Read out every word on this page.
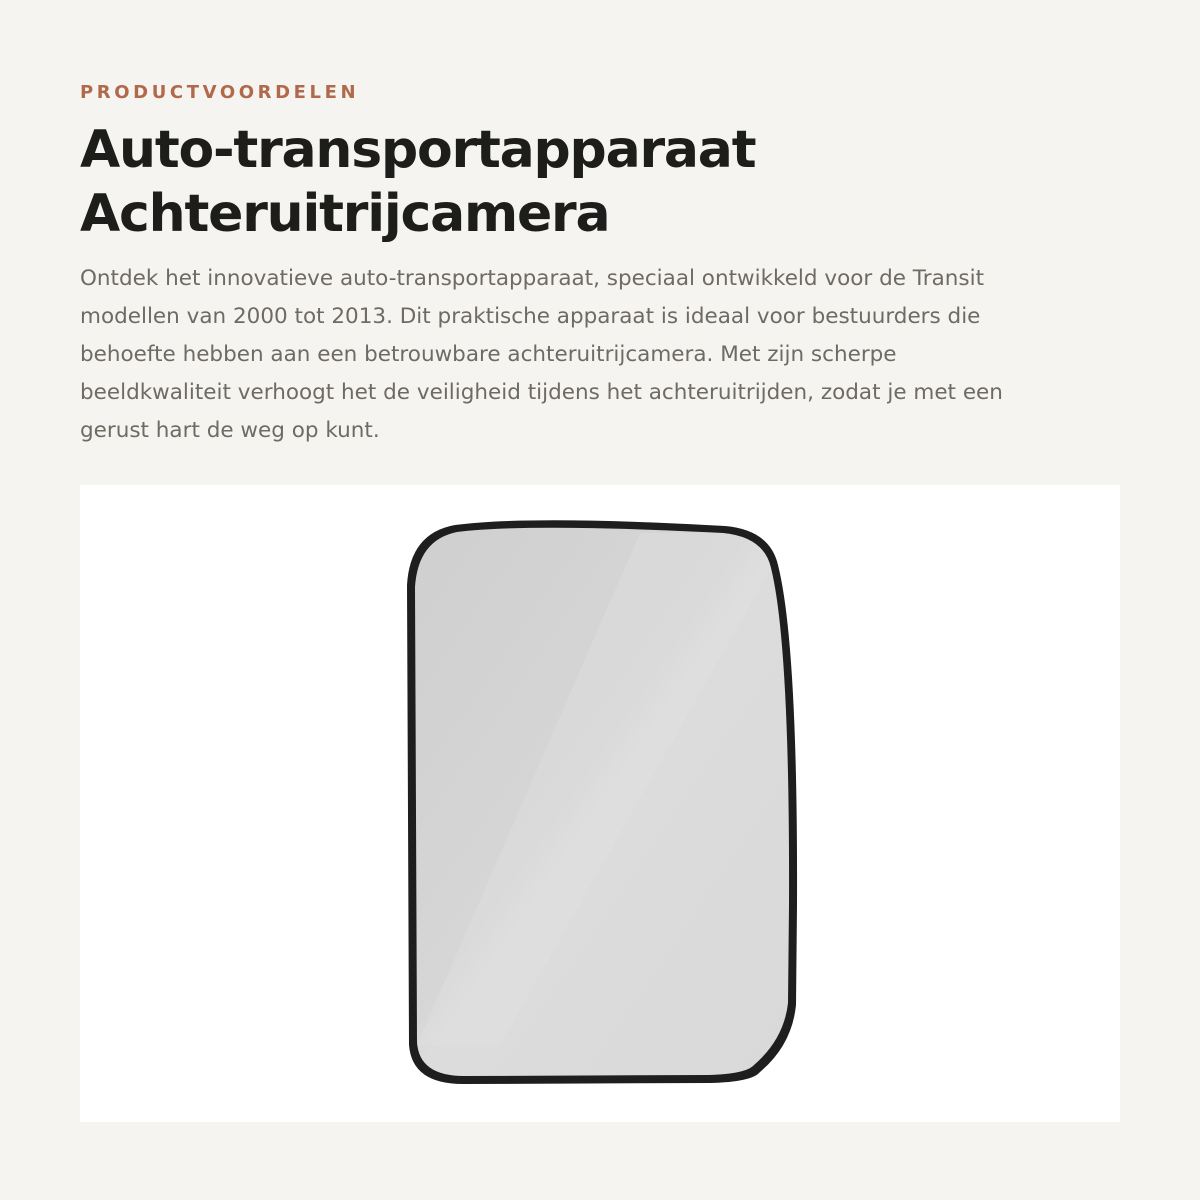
PRODUCTVOORDELEN
Auto-transportapparaat
Achteruitrijcamera

Ontdek het innovatieve auto-transportapparaat, speciaal ontwikkeld voor de Transit
modellen van 2000 tot 2013. Dit praktische apparaat is ideaal voor bestuurders die
behoefte hebben aan een betrouwbare achteruitrijcamera. Met zijn scherpe
beeldkwaliteit verhoogt het de veiligheid tijdens het achteruitrijden, zodat je met een
gerust hart de weg op kunt.
